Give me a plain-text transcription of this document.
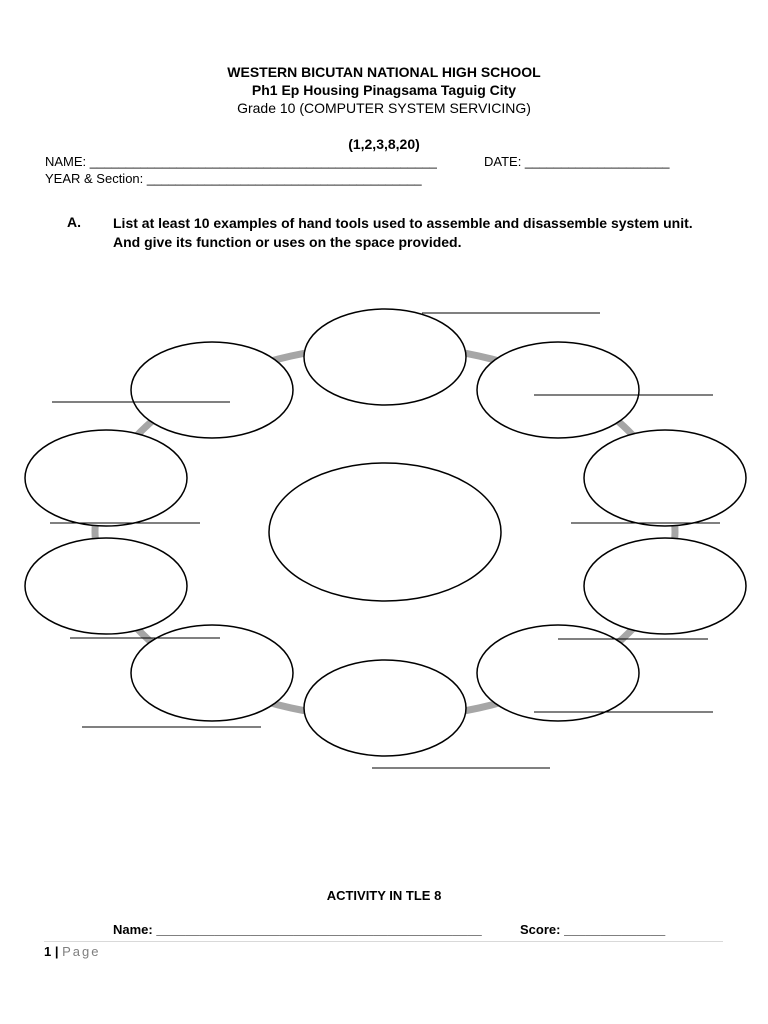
WESTERN BICUTAN NATIONAL HIGH SCHOOL
Ph1 Ep Housing Pinagsama Taguig City
Grade 10 (COMPUTER SYSTEM SERVICING)
(1,2,3,8,20)
NAME: ________________________________________________	DATE: ____________________
YEAR & Section: ______________________________________
A. List at least 10 examples of hand tools used to assemble and disassemble system unit. And give its function or uses on the space provided.
ACTIVITY IN TLE 8
Name: _____________________________________________	Score: ______________
1 | Page
